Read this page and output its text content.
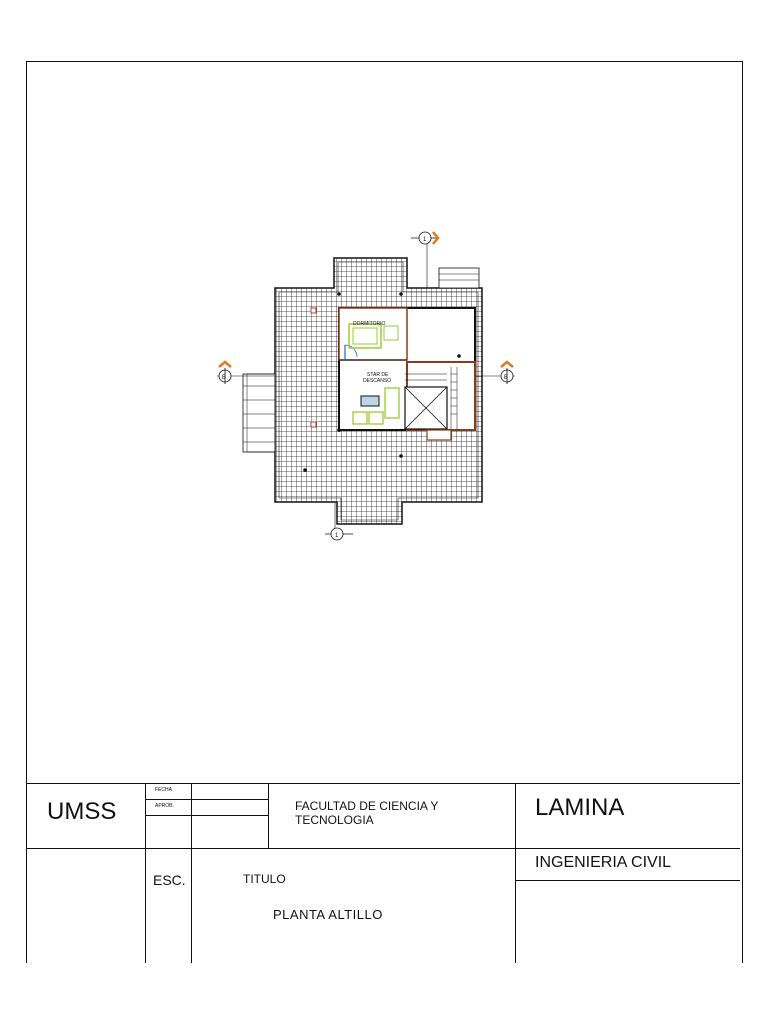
DORMITORIO
STAR DE
DESCANSO
1
1
B	B
UMSS
FECHA
APROB.	FACULTAD DE CIENCIA Y
TECNOLOGIA	LAMINA
INGENIERIA CIVIL
ESC.	TITULO
PLANTA ALTILLO
